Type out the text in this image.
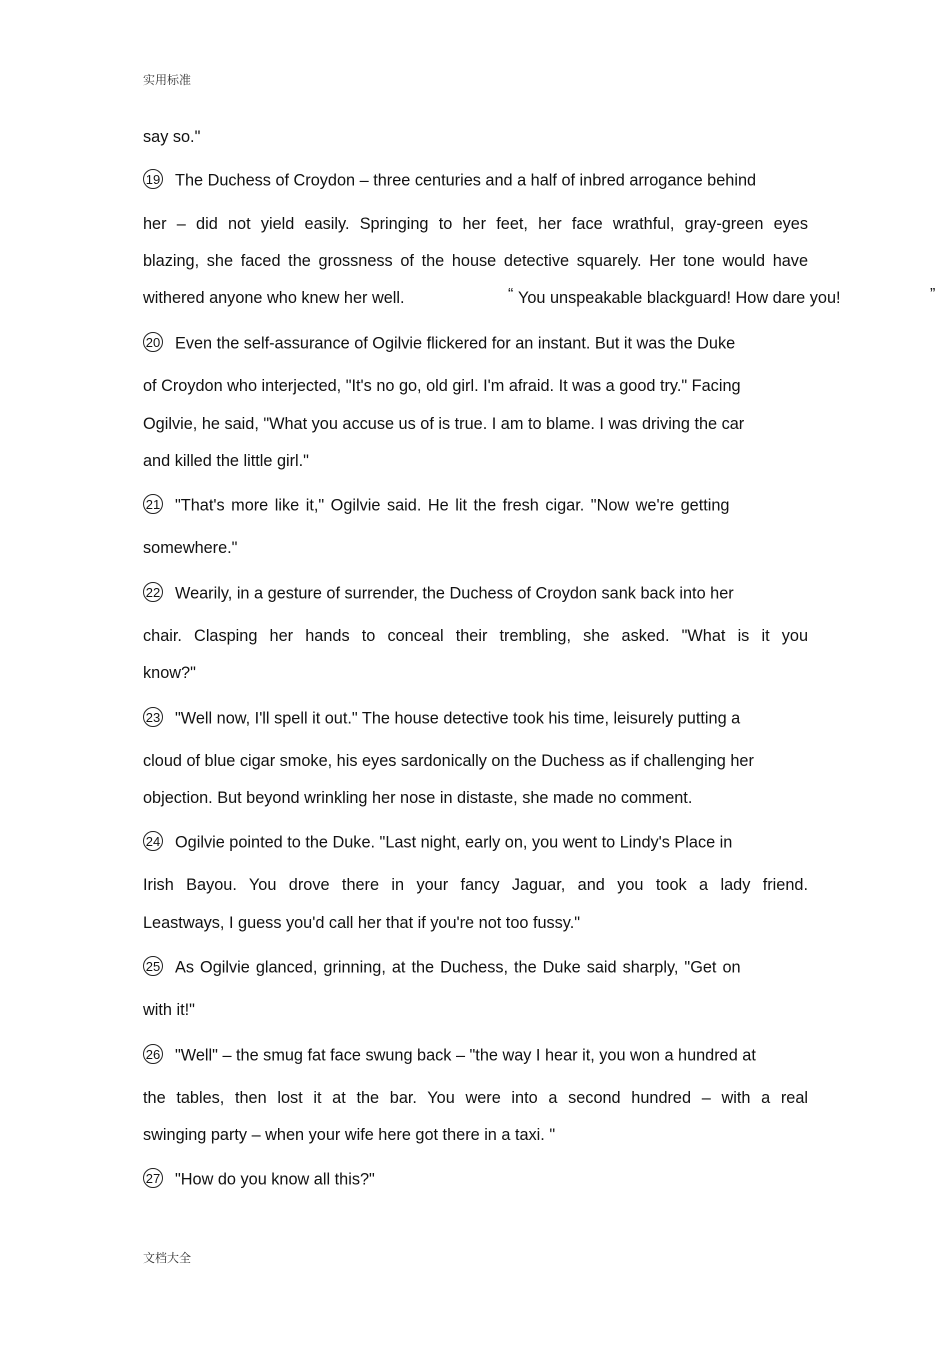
实用标准
say so."
19 The Duchess of Croydon – three centuries and a half of inbred arrogance behind
her – did not yield easily. Springing to her feet, her face wrathful, gray-green eyes
blazing, she faced the grossness of the house detective squarely. Her tone would have
withered anyone who knew her well.	“ You unspeakable blackguard! How dare you!	”
20 Even the self-assurance of Ogilvie flickered for an instant. But it was the Duke
of Croydon who interjected, "It's no go, old girl. I'm afraid. It was a good try." Facing
Ogilvie, he said, "What you accuse us of is true. I am to blame. I was driving the car
and killed the little girl."
21 "That's more like it," Ogilvie said. He lit the fresh cigar. "Now we're getting
somewhere."
22 Wearily, in a gesture of surrender, the Duchess of Croydon sank back into her
chair. Clasping her hands to conceal their trembling, she asked. "What is it you
know?"
23 "Well now, I'll spell it out." The house detective took his time, leisurely putting a
cloud of blue cigar smoke, his eyes sardonically on the Duchess as if challenging her
objection. But beyond wrinkling her nose in distaste, she made no comment.
24 Ogilvie pointed to the Duke. "Last night, early on, you went to Lindy's Place in
Irish Bayou. You drove there in your fancy Jaguar, and you took a lady friend.
Leastways, I guess you'd call her that if you're not too fussy."
25 As Ogilvie glanced, grinning, at the Duchess, the Duke said sharply, "Get on
with it!"
26 "Well" – the smug fat face swung back – "the way I hear it, you won a hundred at
the tables, then lost it at the bar. You were into a second hundred – with a real
swinging party – when your wife here got there in a taxi. "
27 "How do you know all this?"
文档大全
